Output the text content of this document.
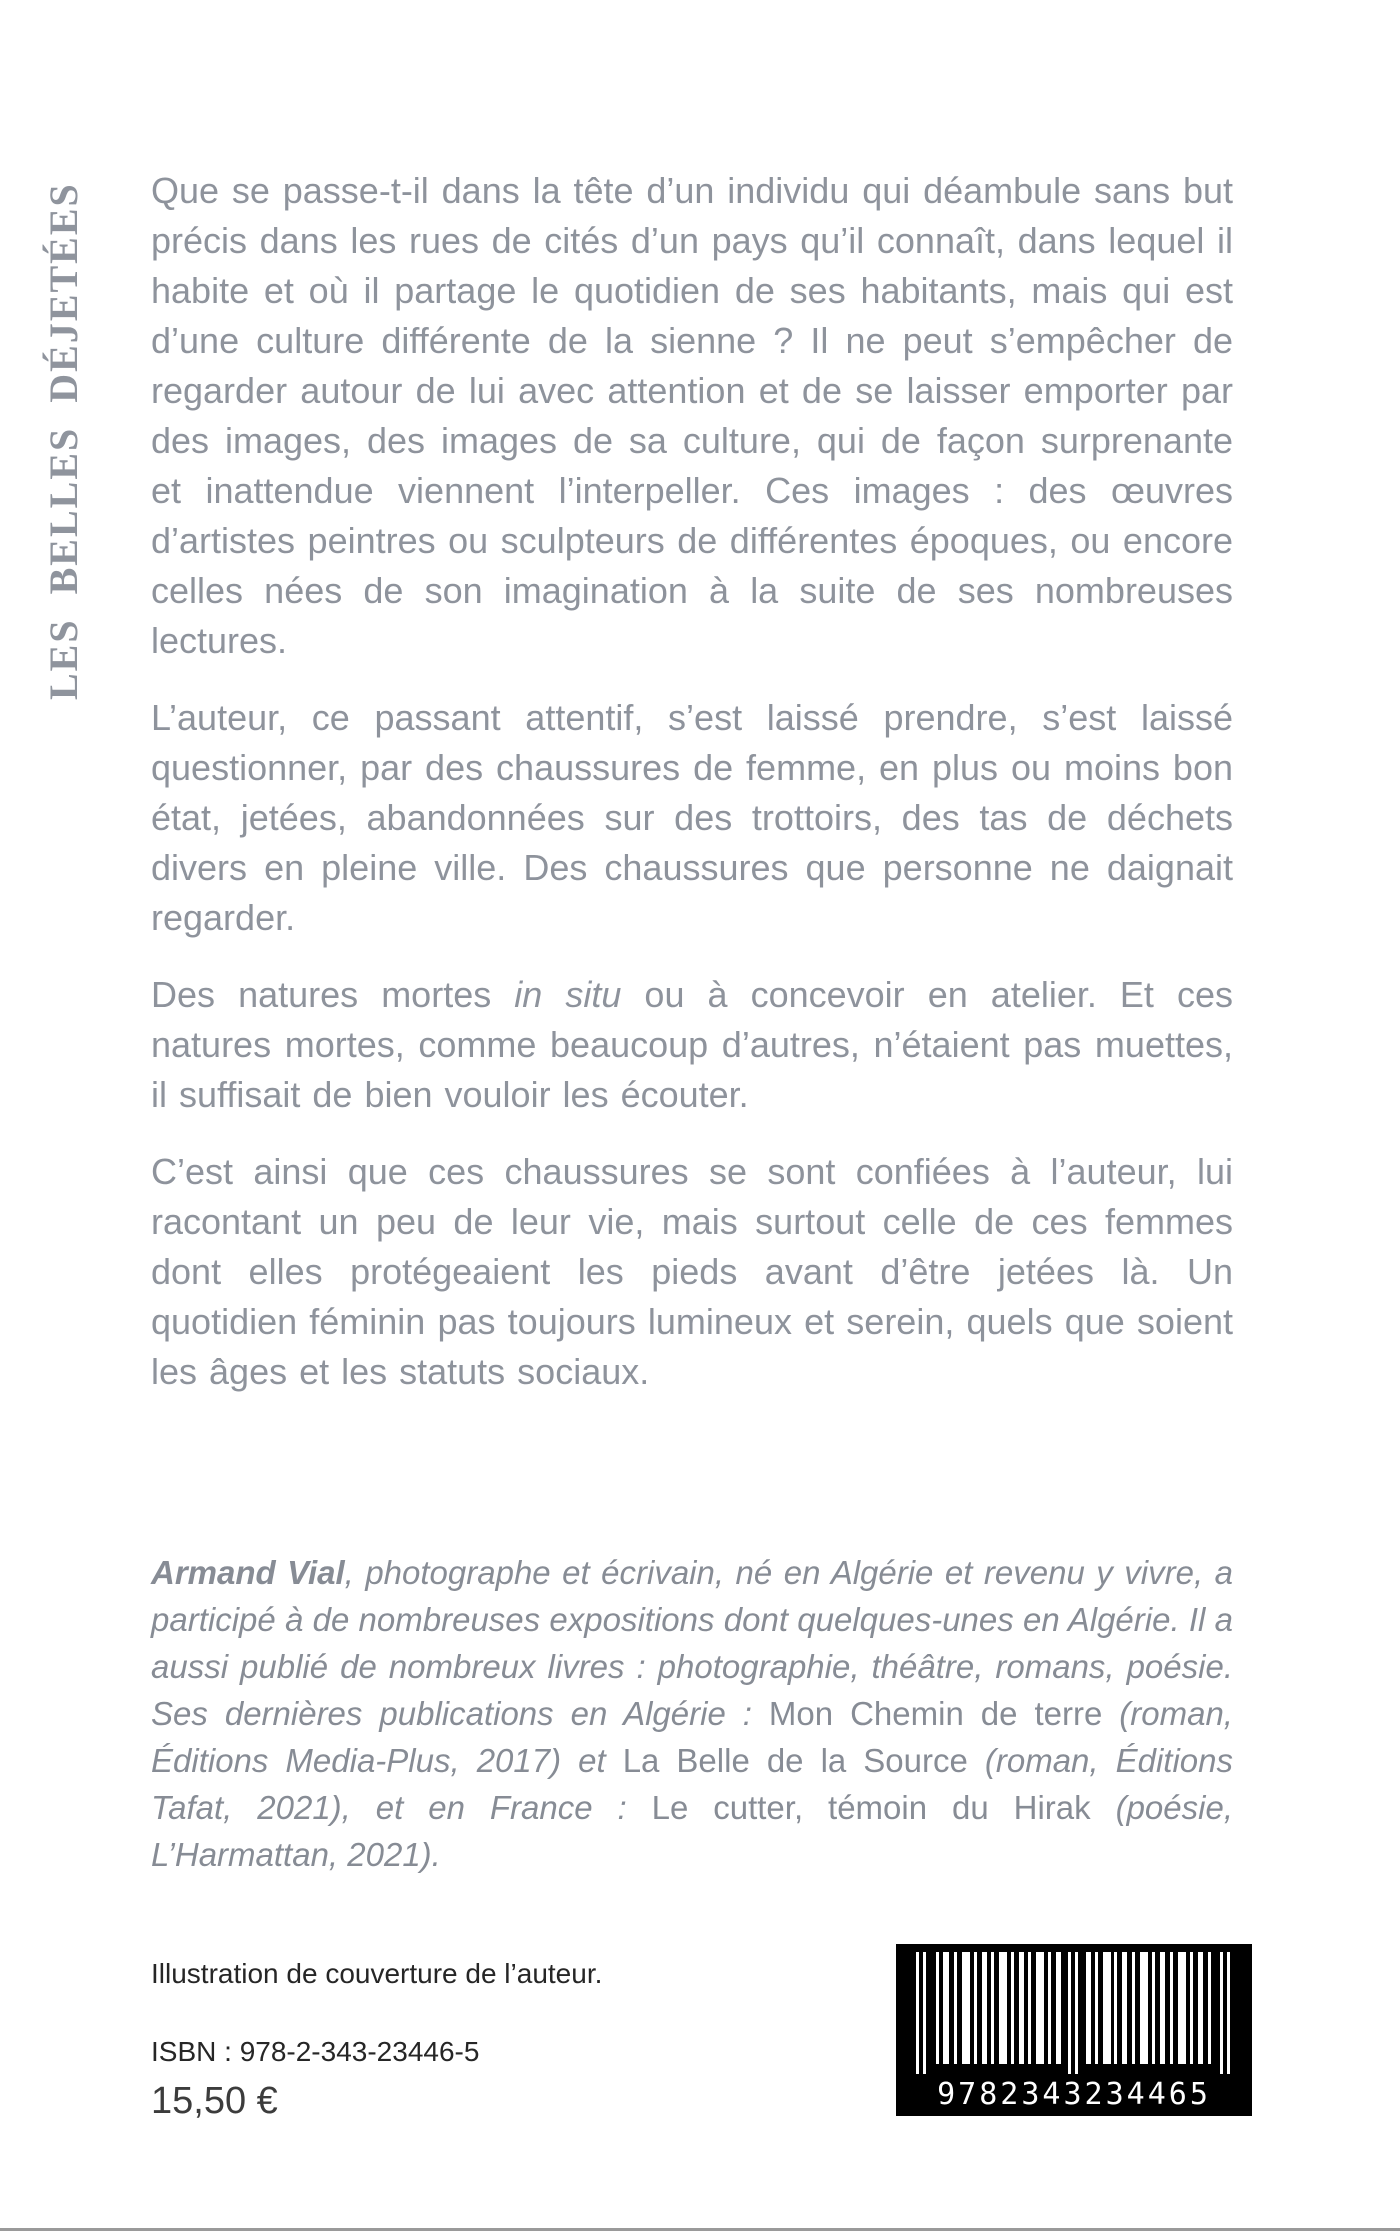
LES BELLES DÉJETÉES	Que se passe-t-il dans la tête d’un individu qui déambule sans but précis dans les rues de cités d’un pays qu’il connaît, dans lequel il habite et où il partage le quotidien de ses habitants, mais qui est d’une culture différente de la sienne ? Il ne peut s’empêcher de regarder autour de lui avec attention et de se laisser emporter par des images, des images de sa culture, qui de façon surprenante et inattendue viennent l’interpeller. Ces images : des œuvres d’artistes peintres ou sculpteurs de différentes époques, ou encore celles nées de son imagination à la suite de ses nombreuses lectures.

L’auteur, ce passant attentif, s’est laissé prendre, s’est laissé questionner, par des chaussures de femme, en plus ou moins bon état, jetées, abandonnées sur des trottoirs, des tas de déchets divers en pleine ville. Des chaussures que personne ne daignait regarder.

Des natures mortes in situ ou à concevoir en atelier. Et ces natures mortes, comme beaucoup d’autres, n’étaient pas muettes, il suffisait de bien vouloir les écouter.

C’est ainsi que ces chaussures se sont confiées à l’auteur, lui racontant un peu de leur vie, mais surtout celle de ces femmes dont elles protégeaient les pieds avant d’être jetées là. Un quotidien féminin pas toujours lumineux et serein, quels que soient les âges et les statuts sociaux.

Armand Vial, photographe et écrivain, né en Algérie et revenu y vivre, a participé à de nombreuses expositions dont quelques-unes en Algérie. Il a aussi publié de nombreux livres : photographie, théâtre, romans, poésie. Ses dernières publications en Algérie : Mon Chemin de terre (roman, Éditions Media-Plus, 2017) et La Belle de la Source (roman, Éditions Tafat, 2021), et en France : Le cutter, témoin du Hirak (poésie, L’Harmattan, 2021).

Illustration de couverture de l’auteur.
ISBN : 978-2-343-23446-5
15,50 €	9782343234465
